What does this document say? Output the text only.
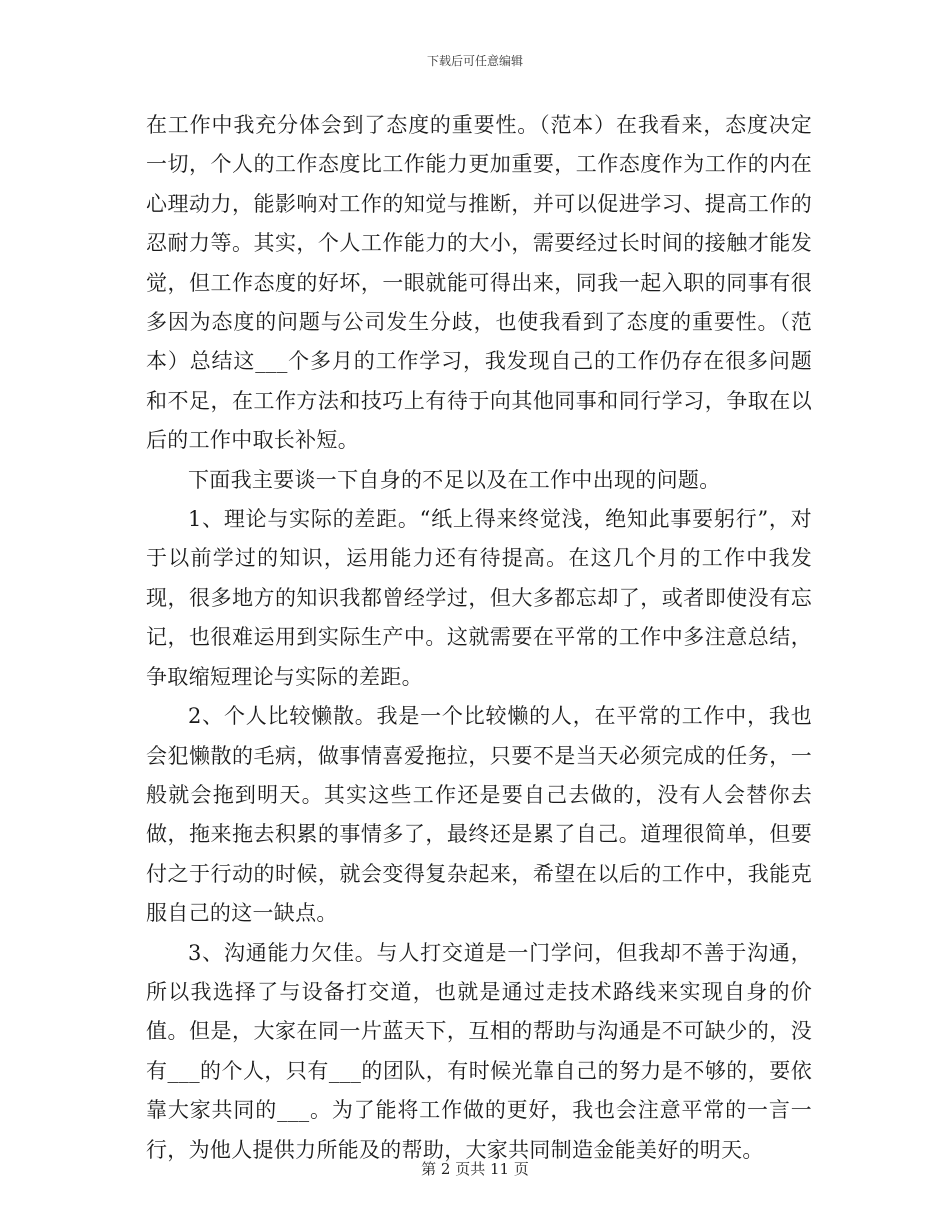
下载后可任意编辑

在工作中我充分体会到了态度的重要性。（范本）在我看来，态度决定一切，个人的工作态度比工作能力更加重要，工作态度作为工作的内在心理动力，能影响对工作的知觉与推断，并可以促进学习、提高工作的忍耐力等。其实，个人工作能力的大小，需要经过长时间的接触才能发觉，但工作态度的好坏，一眼就能可得出来，同我一起入职的同事有很多因为态度的问题与公司发生分歧，也使我看到了态度的重要性。（范本）总结这___个多月的工作学习，我发现自己的工作仍存在很多问题和不足，在工作方法和技巧上有待于向其他同事和同行学习，争取在以后的工作中取长补短。

下面我主要谈一下自身的不足以及在工作中出现的问题。

1、理论与实际的差距。“纸上得来终觉浅，绝知此事要躬行”，对于以前学过的知识，运用能力还有待提高。在这几个月的工作中我发现，很多地方的知识我都曾经学过，但大多都忘却了，或者即使没有忘记，也很难运用到实际生产中。这就需要在平常的工作中多注意总结，争取缩短理论与实际的差距。

2、个人比较懒散。我是一个比较懒的人，在平常的工作中，我也会犯懒散的毛病，做事情喜爱拖拉，只要不是当天必须完成的任务，一般就会拖到明天。其实这些工作还是要自己去做的，没有人会替你去做，拖来拖去积累的事情多了，最终还是累了自己。道理很简单，但要付之于行动的时候，就会变得复杂起来，希望在以后的工作中，我能克服自己的这一缺点。

3、沟通能力欠佳。与人打交道是一门学问，但我却不善于沟通，所以我选择了与设备打交道，也就是通过走技术路线来实现自身的价值。但是，大家在同一片蓝天下，互相的帮助与沟通是不可缺少的，没有___的个人，只有___的团队，有时候光靠自己的努力是不够的，要依靠大家共同的___。为了能将工作做的更好，我也会注意平常的一言一行，为他人提供力所能及的帮助，大家共同制造金能美好的明天。

第 2 页共 11 页
